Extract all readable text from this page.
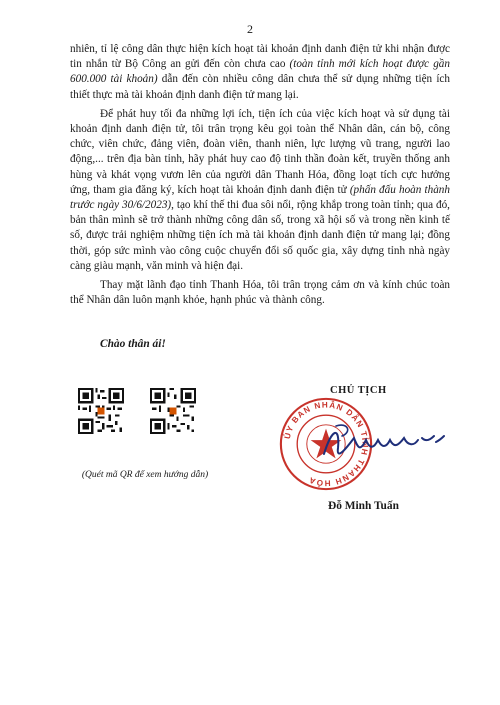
2

nhiên, tỉ lệ công dân thực hiện kích hoạt tài khoản định danh điện tử khi nhận được tin nhắn từ Bộ Công an gửi đến còn chưa cao (toàn tỉnh mới kích hoạt được gần 600.000 tài khoản) dẫn đến còn nhiều công dân chưa thể sử dụng những tiện ích thiết thực mà tài khoản định danh điện tử mang lại.

Để phát huy tối đa những lợi ích, tiện ích của việc kích hoạt và sử dụng tài khoản định danh điện tử, tôi trân trọng kêu gọi toàn thể Nhân dân, cán bộ, công chức, viên chức, đảng viên, đoàn viên, thanh niên, lực lượng vũ trang, người lao động,... trên địa bàn tỉnh, hãy phát huy cao độ tinh thần đoàn kết, truyền thống anh hùng và khát vọng vươn lên của người dân Thanh Hóa, đồng loạt tích cực hưởng ứng, tham gia đăng ký, kích hoạt tài khoản định danh điện tử (phấn đấu hoàn thành trước ngày 30/6/2023), tạo khí thế thi đua sôi nổi, rộng khắp trong toàn tỉnh; qua đó, bản thân mình sẽ trở thành những công dân số, trong xã hội số và trong nền kinh tế số, được trải nghiệm những tiện ích mà tài khoản định danh điện tử mang lại; đồng thời, góp sức mình vào công cuộc chuyển đổi số quốc gia, xây dựng tỉnh nhà ngày càng giàu mạnh, văn minh và hiện đại.

Thay mặt lãnh đạo tỉnh Thanh Hóa, tôi trân trọng cảm ơn và kính chúc toàn thể Nhân dân luôn mạnh khỏe, hạnh phúc và thành công.

Chào thân ái!
(Quét mã QR để xem hướng dẫn)
CHỦ TỊCH
ỦY BAN NHÂN DÂN TỈNH THANH HÓA
Đỗ Minh Tuấn
